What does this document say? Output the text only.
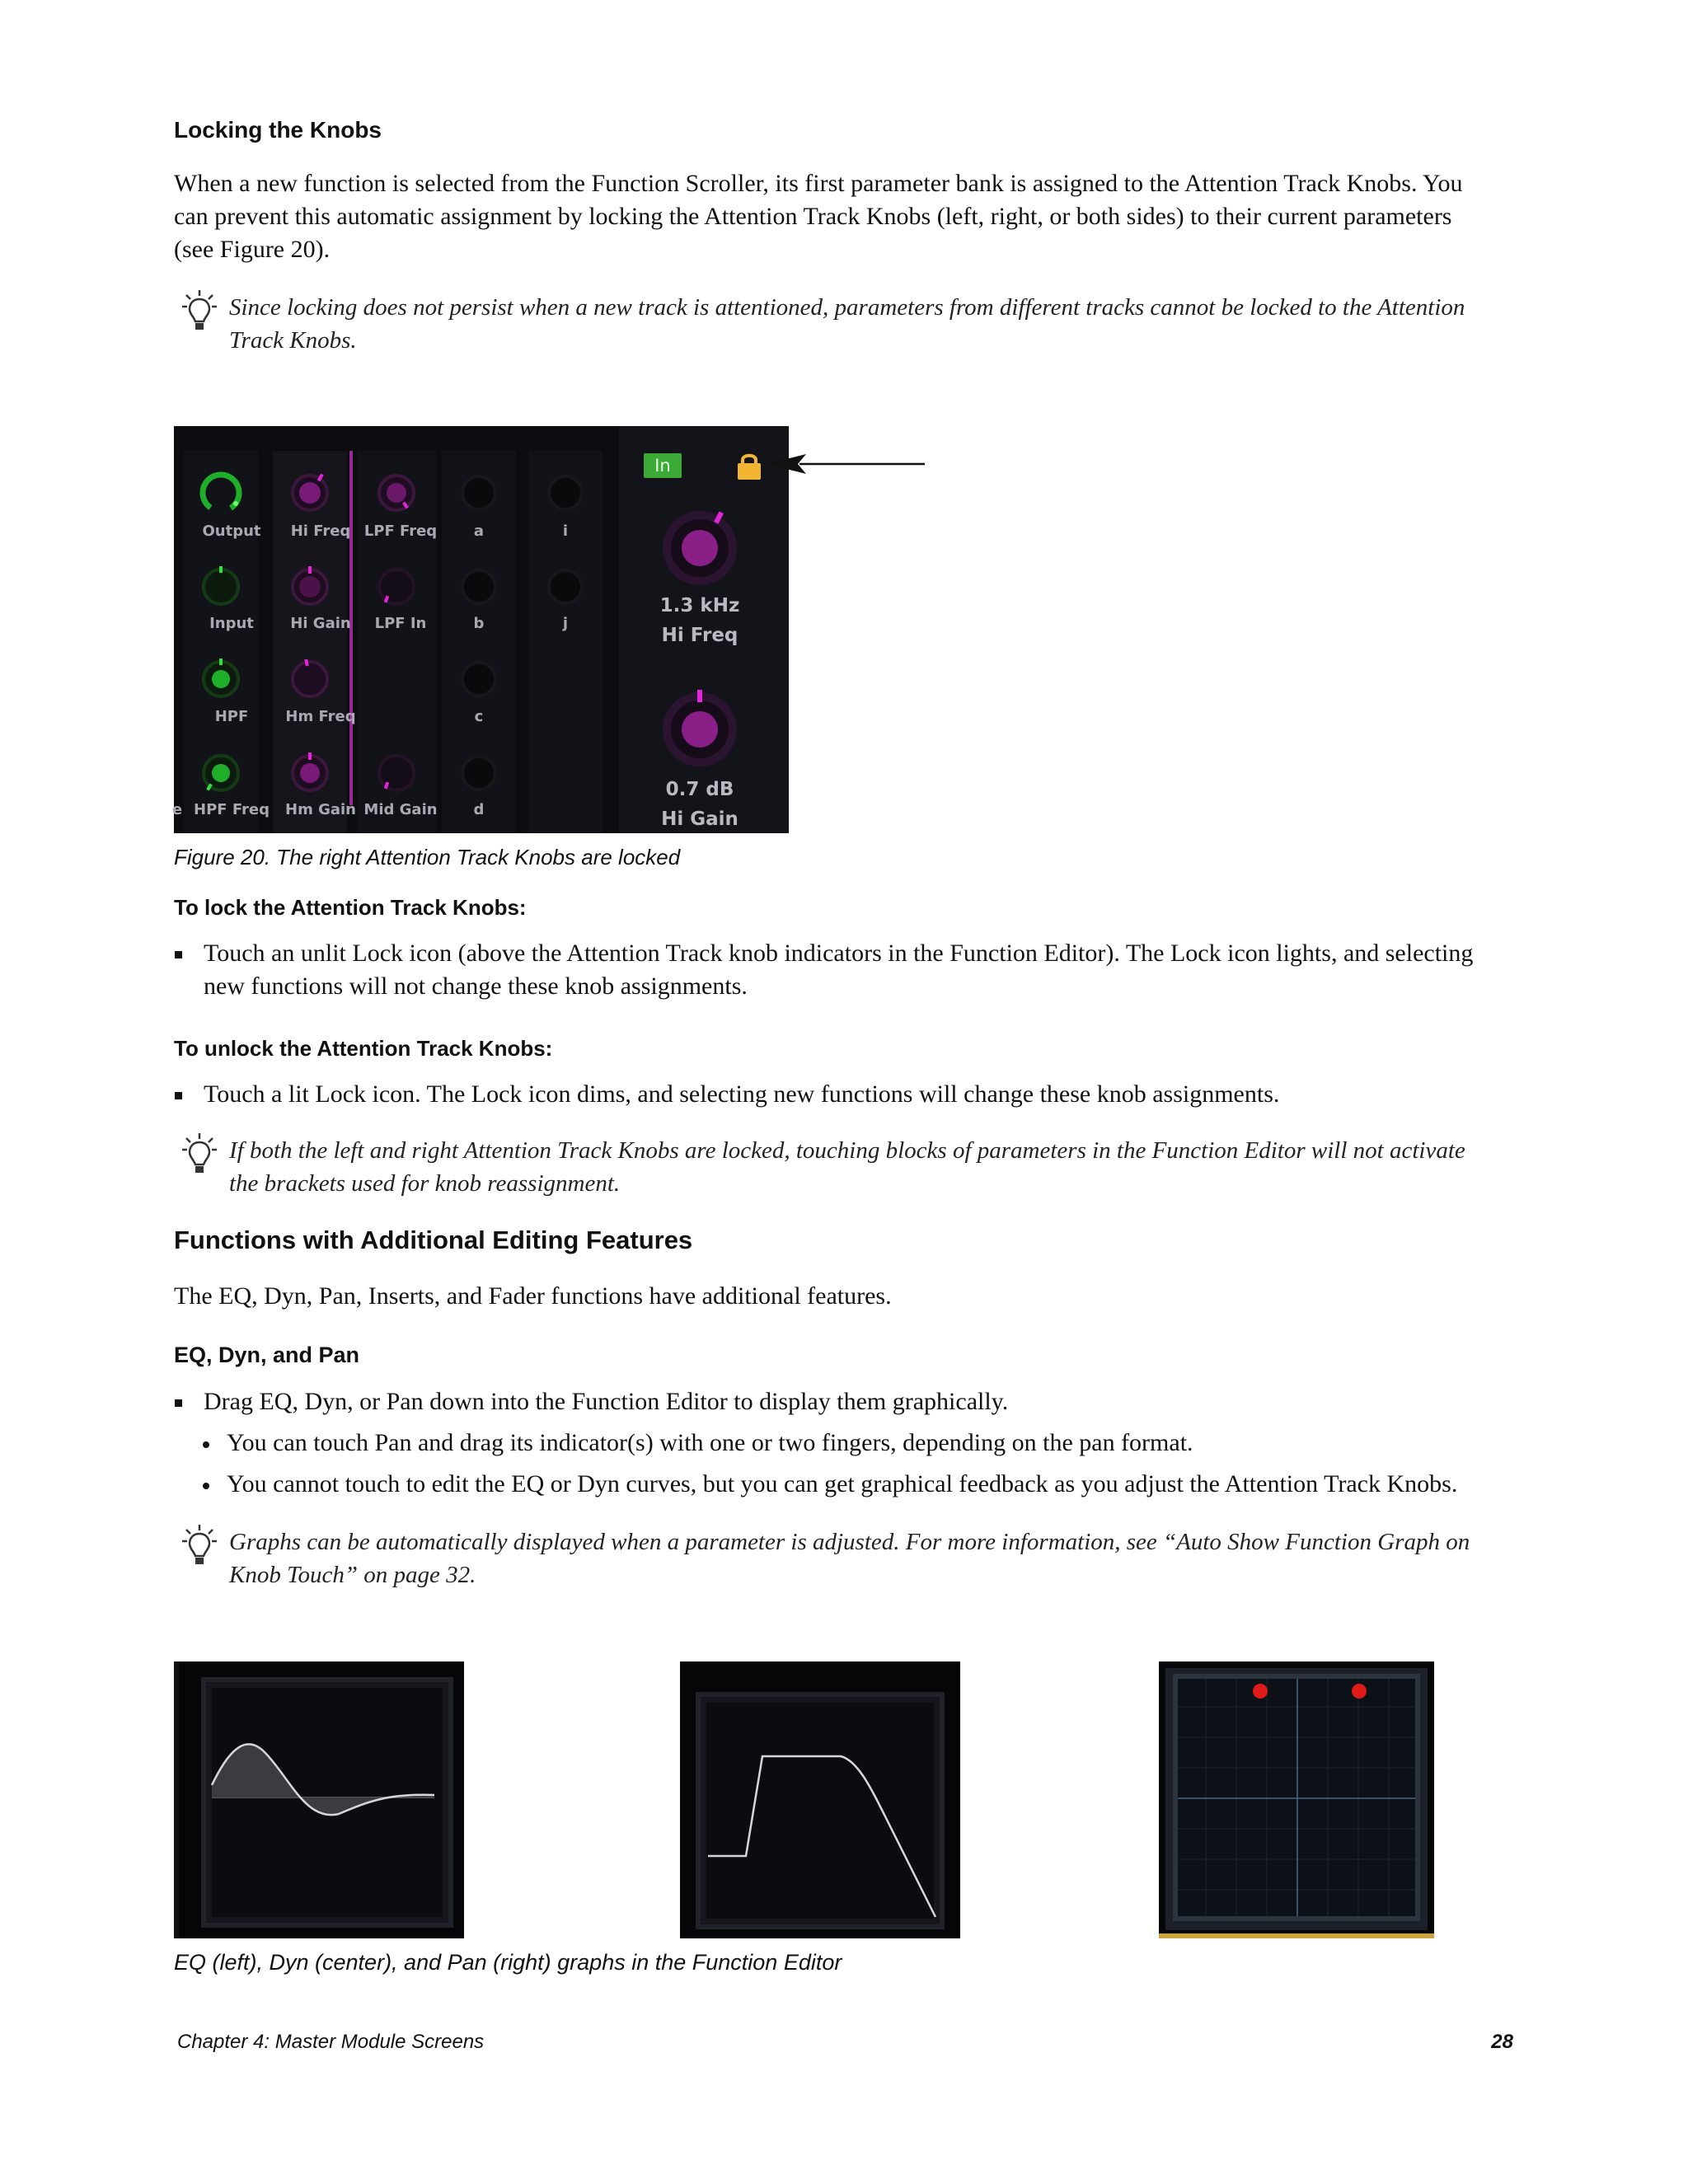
Locking the Knobs
When a new function is selected from the Function Scroller, its first parameter bank is assigned to the Attention Track Knobs. You
can prevent this automatic assignment by locking the Attention Track Knobs (left, right, or both sides) to their current parameters
(see Figure 20).
Since locking does not persist when a new track is attentioned, parameters from different tracks cannot be locked to the Attention
Track Knobs.
Output
Input
HPF
HPF Freq
e
Hi Freq
Hi Gain
Hm Freq
Hm Gain
LPF Freq
LPF In
Mid Gain
a
b
c
d
i
j
In
1.3 kHz
Hi Freq
0.7 dB
Hi Gain
Figure 20. The right Attention Track Knobs are locked
To lock the Attention Track Knobs:
Touch an unlit Lock icon (above the Attention Track knob indicators in the Function Editor). The Lock icon lights, and selecting
new functions will not change these knob assignments.
To unlock the Attention Track Knobs:
Touch a lit Lock icon. The Lock icon dims, and selecting new functions will change these knob assignments.
If both the left and right Attention Track Knobs are locked, touching blocks of parameters in the Function Editor will not activate
the brackets used for knob reassignment.
Functions with Additional Editing Features
The EQ, Dyn, Pan, Inserts, and Fader functions have additional features.
EQ, Dyn, and Pan
Drag EQ, Dyn, or Pan down into the Function Editor to display them graphically.
You can touch Pan and drag its indicator(s) with one or two fingers, depending on the pan format.
You cannot touch to edit the EQ or Dyn curves, but you can get graphical feedback as you adjust the Attention Track Knobs.
Graphs can be automatically displayed when a parameter is adjusted. For more information, see “Auto Show Function Graph on
Knob Touch” on page 32.
EQ (left), Dyn (center), and Pan (right) graphs in the Function Editor
Chapter 4: Master Module Screens	28
